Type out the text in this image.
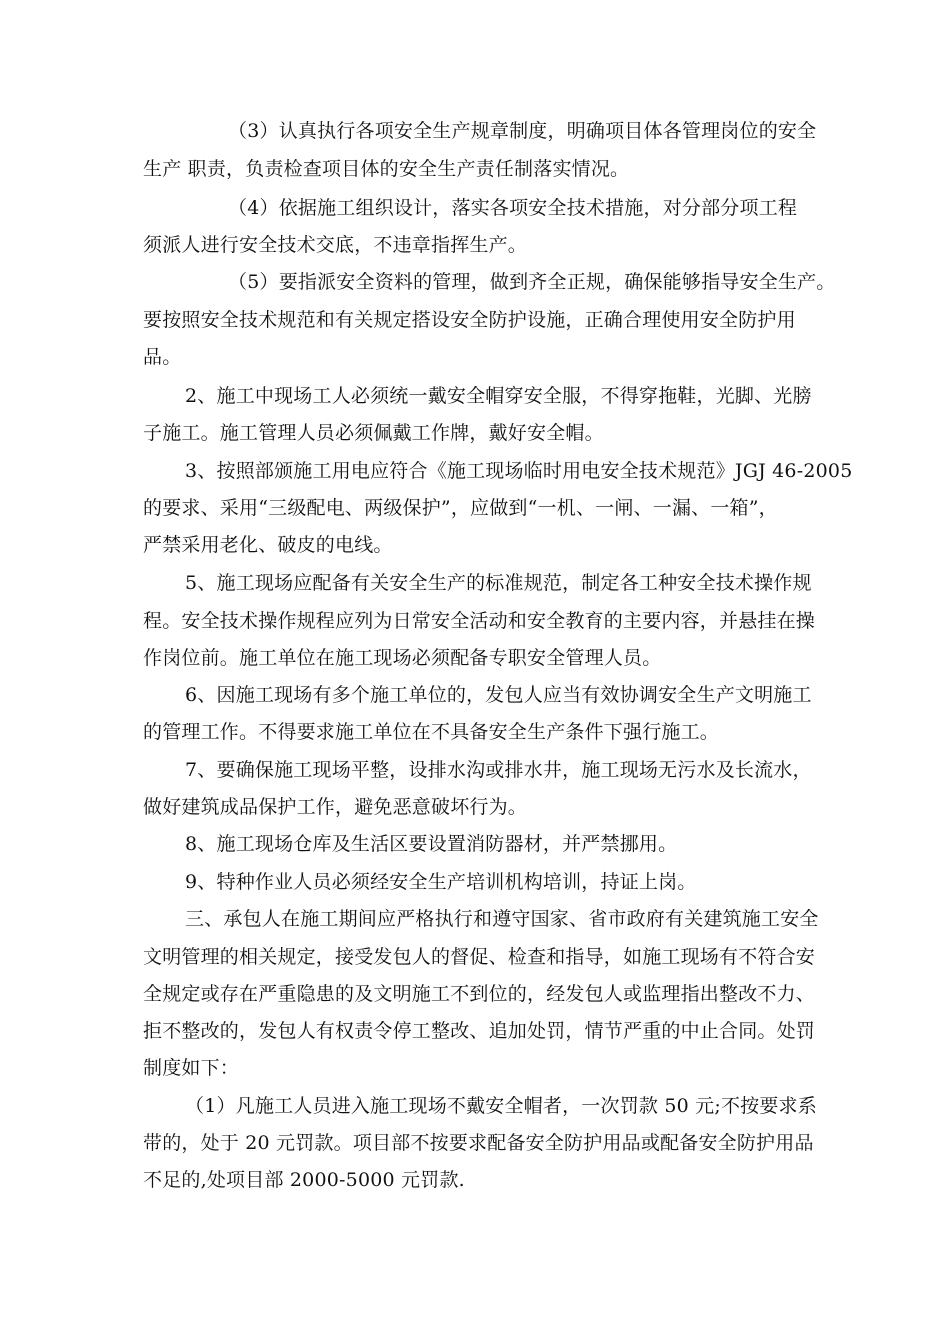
（3）认真执行各项安全生产规章制度，明确项目体各管理岗位的安全
生产 职责，负责检查项目体的安全生产责任制落实情况。
（4）依据施工组织设计，落实各项安全技术措施，对分部分项工程
须派人进行安全技术交底，不违章指挥生产。
（5）要指派安全资料的管理，做到齐全正规，确保能够指导安全生产。
要按照安全技术规范和有关规定搭设安全防护设施，正确合理使用安全防护用
品。
2、施工中现场工人必须统一戴安全帽穿安全服，不得穿拖鞋，光脚、光膀
子施工。施工管理人员必须佩戴工作牌，戴好安全帽。
3、按照部颁施工用电应符合《施工现场临时用电安全技术规范》JGJ 46-2005
的要求、采用“三级配电、两级保护”，应做到“一机、一闸、一漏、一箱”，
严禁采用老化、破皮的电线。
5、施工现场应配备有关安全生产的标准规范，制定各工种安全技术操作规
程。安全技术操作规程应列为日常安全活动和安全教育的主要内容，并悬挂在操
作岗位前。施工单位在施工现场必须配备专职安全管理人员。
6、因施工现场有多个施工单位的，发包人应当有效协调安全生产文明施工
的管理工作。不得要求施工单位在不具备安全生产条件下强行施工。
7、要确保施工现场平整，设排水沟或排水井，施工现场无污水及长流水，
做好建筑成品保护工作，避免恶意破坏行为。
8、施工现场仓库及生活区要设置消防器材，并严禁挪用。
9、特种作业人员必须经安全生产培训机构培训，持证上岗。
三、承包人在施工期间应严格执行和遵守国家、省市政府有关建筑施工安全
文明管理的相关规定，接受发包人的督促、检查和指导，如施工现场有不符合安
全规定或存在严重隐患的及文明施工不到位的，经发包人或监理指出整改不力、
拒不整改的，发包人有权责令停工整改、追加处罚，情节严重的中止合同。处罚
制度如下：
（1）凡施工人员进入施工现场不戴安全帽者，一次罚款 50 元;不按要求系
带的，处于 20 元罚款。项目部不按要求配备安全防护用品或配备安全防护用品
不足的,处项目部 2000-5000 元罚款.
